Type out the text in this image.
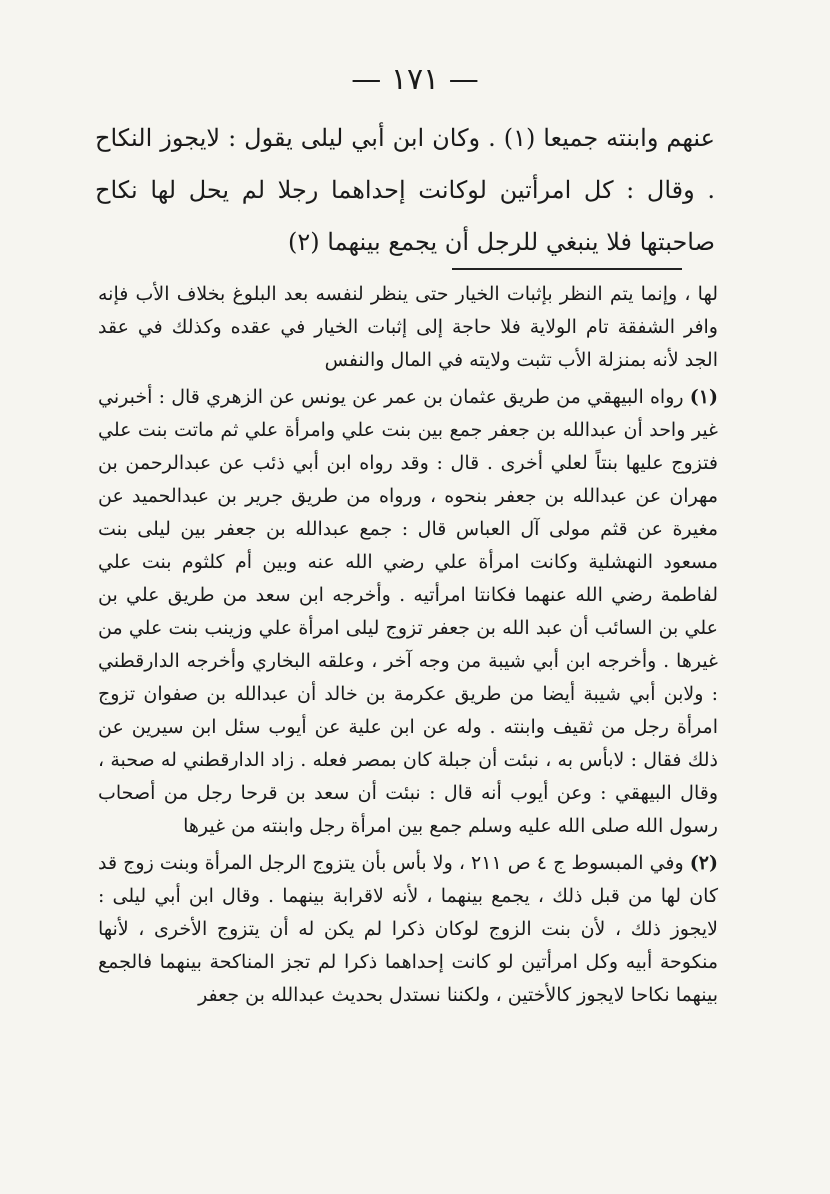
— ١٧١ —

عنهم وابنته جميعا (١) . وكان ابن أبي ليلى يقول : لايجوز النكاح . وقال : كل امرأتين لوكانت إحداهما رجلا لم يحل لها نكاح صاحبتها فلا ينبغي للرجل أن يجمع بينهما (٢)

لها ، وإنما يتم النظر بإثبات الخيار حتى ينظر لنفسه بعد البلوغ بخلاف الأب فإنه وافر الشفقة تام الولاية فلا حاجة إلى إثبات الخيار في عقده وكذلك في عقد الجد لأنه بمنزلة الأب تثبت ولايته في المال والنفس

(١) رواه البيهقي من طريق عثمان بن عمر عن يونس عن الزهري قال : أخبرني غير واحد أن عبدالله بن جعفر جمع بين بنت علي وامرأة علي ثم ماتت بنت علي فتزوج عليها بنتاً لعلي أخرى . قال : وقد رواه ابن أبي ذئب عن عبدالرحمن بن مهران عن عبدالله بن جعفر بنحوه ، ورواه من طريق جرير بن عبدالحميد عن مغيرة عن قثم مولى آل العباس قال : جمع عبدالله بن جعفر بين ليلى بنت مسعود النهشلية وكانت امرأة علي رضي الله عنه وبين أم كلثوم بنت علي لفاطمة رضي الله عنهما فكانتا امرأتيه . وأخرجه ابن سعد من طريق علي بن علي بن السائب أن عبد الله بن جعفر تزوج ليلى امرأة علي وزينب بنت علي من غيرها . وأخرجه ابن أبي شيبة من وجه آخر ، وعلقه البخاري وأخرجه الدارقطني : ولابن أبي شيبة أيضا من طريق عكرمة بن خالد أن عبدالله بن صفوان تزوج امرأة رجل من ثقيف وابنته . وله عن ابن علية عن أيوب سئل ابن سيرين عن ذلك فقال : لابأس به ، نبئت أن جبلة كان بمصر فعله . زاد الدارقطني له صحبة ، وقال البيهقي : وعن أيوب أنه قال : نبئت أن سعد بن قرحا رجل من أصحاب رسول الله صلى الله عليه وسلم جمع بين امرأة رجل وابنته من غيرها

(٢) وفي المبسوط ج ٤ ص ٢١١ ، ولا بأس بأن يتزوج الرجل المرأة وبنت زوج قد كان لها من قبل ذلك ، يجمع بينهما ، لأنه لاقرابة بينهما . وقال ابن أبي ليلى : لايجوز ذلك ، لأن بنت الزوج لوكان ذكرا لم يكن له أن يتزوج الأخرى ، لأنها منكوحة أبيه وكل امرأتين لو كانت إحداهما ذكرا لم تجز المناكحة بينهما فالجمع بينهما نكاحا لايجوز كالأختين ، ولكننا نستدل بحديث عبدالله بن جعفر
